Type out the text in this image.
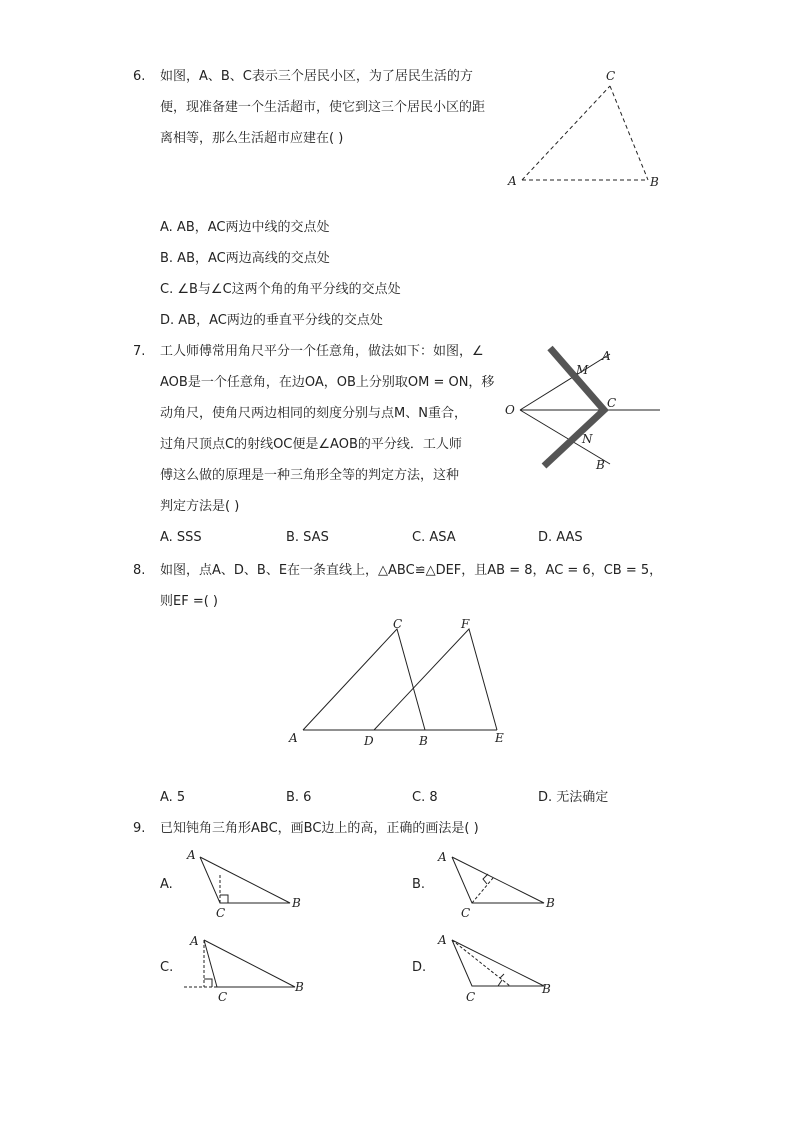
6. 如图，A、B、C表示三个居民小区，为了居民生活的方
便，现准备建一个生活超市，使它到这三个居民小区的距
离相等，那么生活超市应建在( )
A	B
C
A. AB，AC两边中线的交点处
B. AB，AC两边高线的交点处
C. ∠B与∠C这两个角的角平分线的交点处
D. AB，AC两边的垂直平分线的交点处
7. 工人师傅常用角尺平分一个任意角，做法如下：如图，∠
AOB是一个任意角，在边OA，OB上分别取OM = ON，移
动角尺，使角尺两边相同的刻度分别与点M、N重合，
过角尺顶点C的射线OC便是∠AOB的平分线．工人师
傅这么做的原理是一种三角形全等的判定方法，这种
判定方法是( )
O
A
B
C
M
N
A. SSS	B. SAS	C. ASA	D. AAS
8. 如图，点A、D、B、E在一条直线上，△ABC≌△DEF，且AB = 8，AC = 6，CB = 5，
则EF =( )
A	D	B	E
C	F
A. 5	B. 6	C. 8	D. 无法确定
9. 已知钝角三角形ABC，画BC边上的高，正确的画法是( )
A.
A
C
B
B.
A
C
B
C.
A
C
B
D.
A
C
B
